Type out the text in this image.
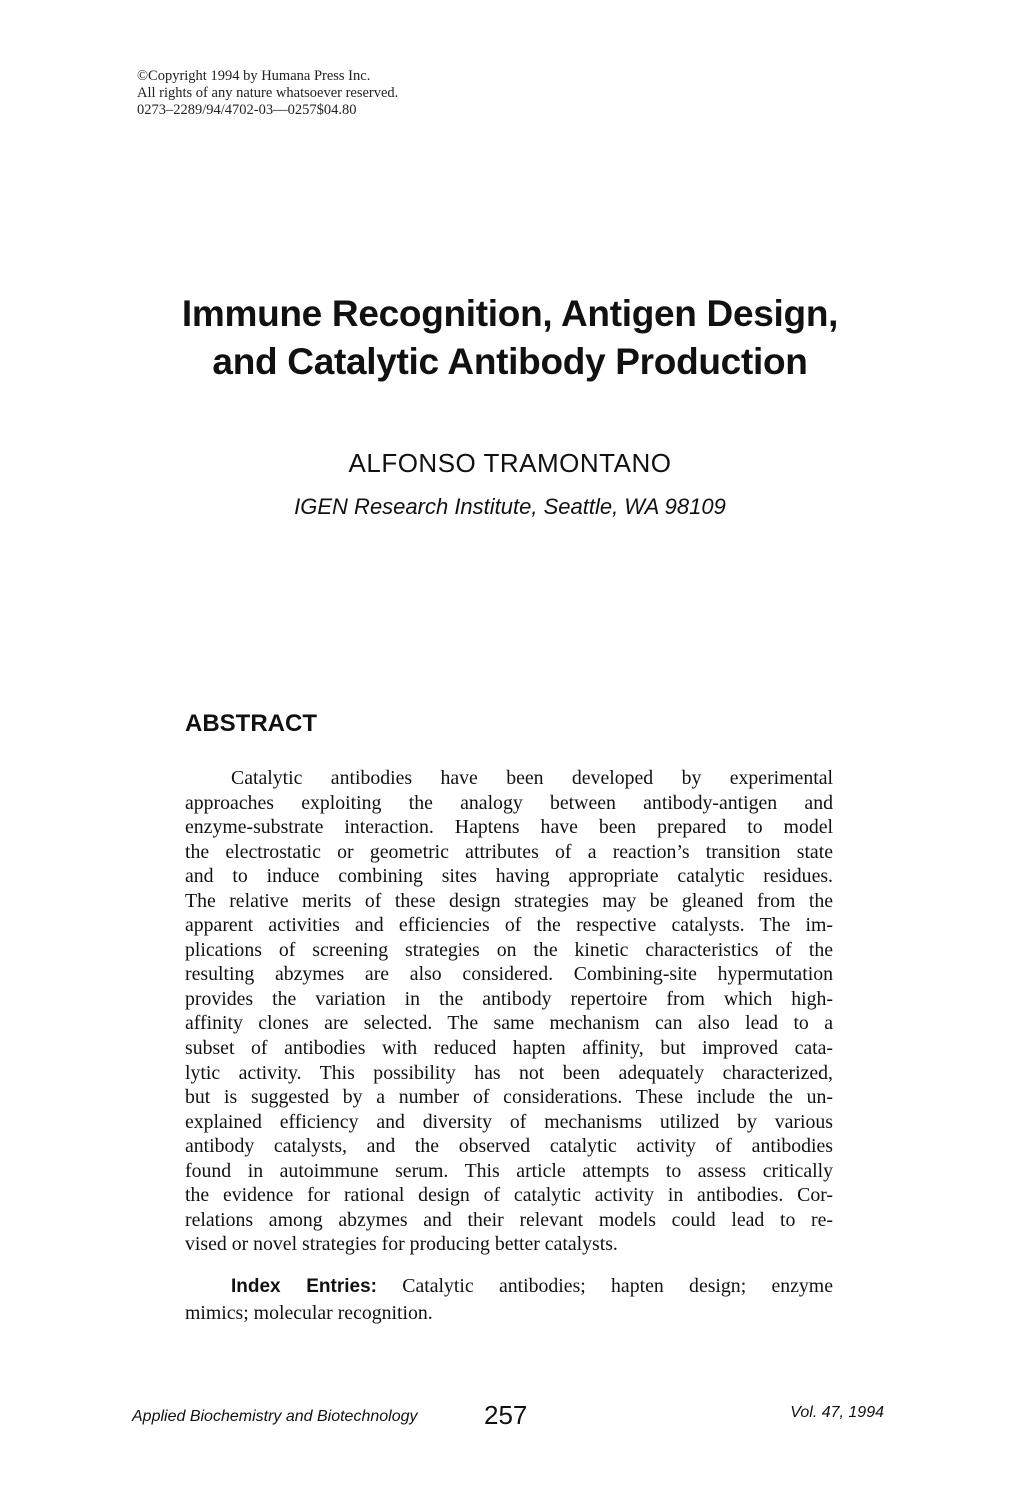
©Copyright 1994 by Humana Press Inc.
All rights of any nature whatsoever reserved.
0273–2289/94/4702-03—0257$04.80
Immune Recognition, Antigen Design,
and Catalytic Antibody Production
ALFONSO TRAMONTANO
IGEN Research Institute, Seattle, WA 98109
ABSTRACT
Catalytic antibodies have been developed by experimental
approaches exploiting the analogy between antibody-antigen and
enzyme-substrate interaction. Haptens have been prepared to model
the electrostatic or geometric attributes of a reaction’s transition state
and to induce combining sites having appropriate catalytic residues.
The relative merits of these design strategies may be gleaned from the
apparent activities and efficiencies of the respective catalysts. The im-
plications of screening strategies on the kinetic characteristics of the
resulting abzymes are also considered. Combining-site hypermutation
provides the variation in the antibody repertoire from which high-
affinity clones are selected. The same mechanism can also lead to a
subset of antibodies with reduced hapten affinity, but improved cata-
lytic activity. This possibility has not been adequately characterized,
but is suggested by a number of considerations. These include the un-
explained efficiency and diversity of mechanisms utilized by various
antibody catalysts, and the observed catalytic activity of antibodies
found in autoimmune serum. This article attempts to assess critically
the evidence for rational design of catalytic activity in antibodies. Cor-
relations among abzymes and their relevant models could lead to re-
vised or novel strategies for producing better catalysts.
Index Entries: Catalytic antibodies; hapten design; enzyme
mimics; molecular recognition.
Applied Biochemistry and Biotechnology	257	Vol. 47, 1994
